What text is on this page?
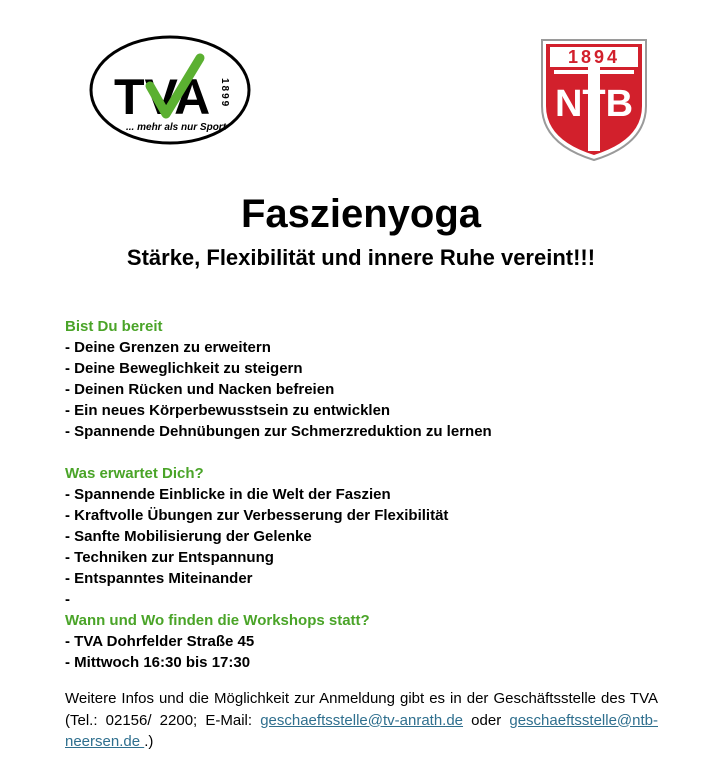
TVA 1899
... mehr als nur Sport
1894
NTB
Faszienyoga
Stärke, Flexibilität und innere Ruhe vereint!!!
Bist Du bereit
- Deine Grenzen zu erweitern
- Deine Beweglichkeit zu steigern
- Deinen Rücken und Nacken befreien
- Ein neues Körperbewusstsein zu entwicklen
- Spannende Dehnübungen zur Schmerzreduktion zu lernen
Was erwartet Dich?
- Spannende Einblicke in die Welt der Faszien
- Kraftvolle Übungen zur Verbesserung der Flexibilität
- Sanfte Mobilisierung der Gelenke
- Techniken zur Entspannung
- Entspanntes Miteinander
-
Wann und Wo finden die Workshops statt?
- TVA Dohrfelder Straße 45
- Mittwoch 16:30 bis 17:30
Weitere Infos und die Möglichkeit zur Anmeldung gibt es in der Geschäftsstelle des TVA (Tel.: 02156/ 2200; E-Mail: geschaeftsstelle@tv-anrath.de oder geschaeftsstelle@ntb-neersen.de .)
